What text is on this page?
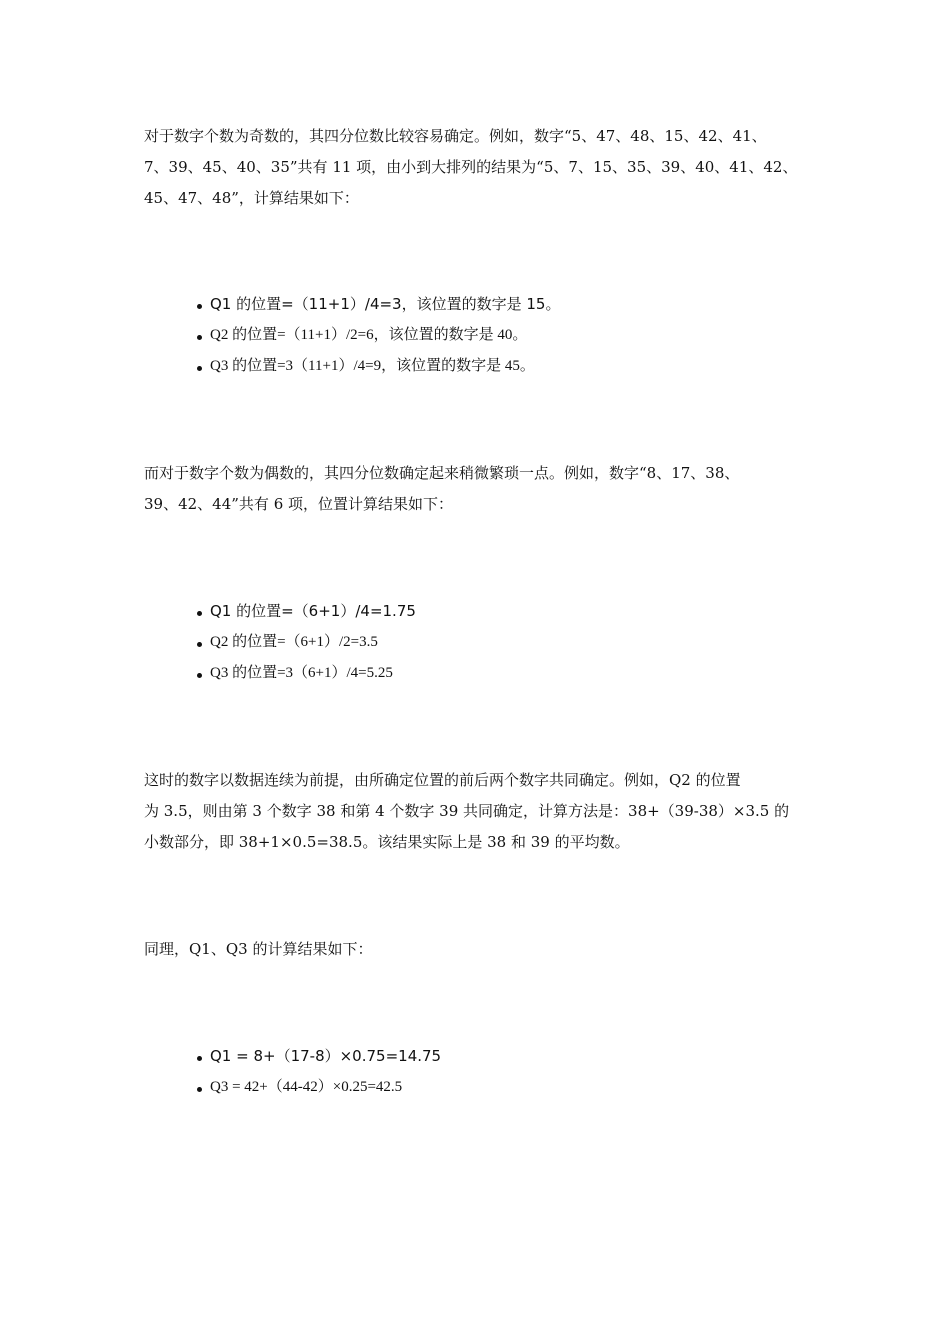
对于数字个数为奇数的，其四分位数比较容易确定。例如，数字“5、47、48、15、42、41、
7、39、45、40、35”共有 11 项，由小到大排列的结果为“5、7、15、35、39、40、41、42、
45、47、48”，计算结果如下：

Q1 的位置=（11+1）/4=3，该位置的数字是 15。
Q2 的位置=（11+1）/2=6，该位置的数字是 40。
Q3 的位置=3（11+1）/4=9，该位置的数字是 45。

而对于数字个数为偶数的，其四分位数确定起来稍微繁琐一点。例如，数字“8、17、38、
39、42、44”共有 6 项，位置计算结果如下：

Q1 的位置=（6+1）/4=1.75
Q2 的位置=（6+1）/2=3.5
Q3 的位置=3（6+1）/4=5.25

这时的数字以数据连续为前提，由所确定位置的前后两个数字共同确定。例如，Q2 的位置
为 3.5，则由第 3 个数字 38 和第 4 个数字 39 共同确定，计算方法是：38+（39-38）×3.5 的
小数部分，即 38+1×0.5=38.5。该结果实际上是 38 和 39 的平均数。

同理，Q1、Q3 的计算结果如下：

Q1 = 8+（17-8）×0.75=14.75
Q3 = 42+（44-42）×0.25=42.5
